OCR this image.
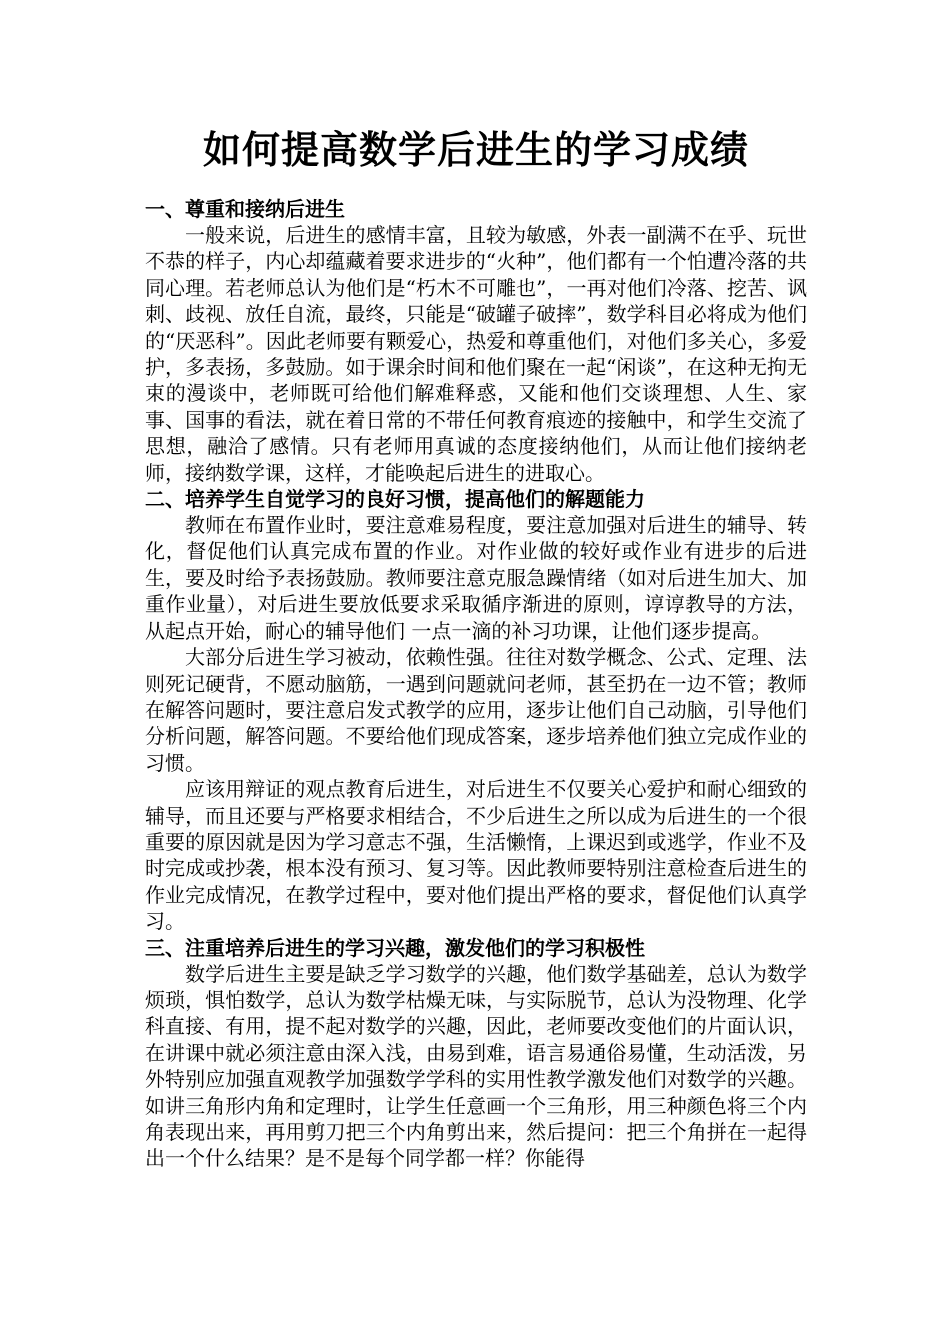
如何提高数学后进生的学习成绩
一、尊重和接纳后进生

一般来说，后进生的感情丰富，且较为敏感，外表一副满不在乎、玩世不恭的样子，内心却蕴藏着要求进步的“火种”，他们都有一个怕遭冷落的共同心理。若老师总认为他们是“朽木不可雕也”，一再对他们冷落、挖苦、讽刺、歧视、放任自流，最终，只能是“破罐子破摔”，数学科目必将成为他们的“厌恶科”。因此老师要有颗爱心，热爱和尊重他们，对他们多关心，多爱护，多表扬，多鼓励。如于课余时间和他们聚在一起“闲谈”，在这种无拘无束的漫谈中，老师既可给他们解难释惑，又能和他们交谈理想、人生、家事、国事的看法，就在着日常的不带任何教育痕迹的接触中，和学生交流了思想，融洽了感情。只有老师用真诚的态度接纳他们，从而让他们接纳老师，接纳数学课，这样，才能唤起后进生的进取心。

二、培养学生自觉学习的良好习惯，提高他们的解题能力

教师在布置作业时，要注意难易程度，要注意加强对后进生的辅导、转化，督促他们认真完成布置的作业。对作业做的较好或作业有进步的后进生，要及时给予表扬鼓励。教师要注意克服急躁情绪（如对后进生加大、加重作业量），对后进生要放低要求采取循序渐进的原则，谆谆教导的方法，从起点开始，耐心的辅导他们 一点一滴的补习功课，让他们逐步提高。

大部分后进生学习被动，依赖性强。往往对数学概念、公式、定理、法则死记硬背，不愿动脑筋，一遇到问题就问老师，甚至扔在一边不管；教师在解答问题时，要注意启发式教学的应用，逐步让他们自己动脑，引导他们分析问题，解答问题。不要给他们现成答案，逐步培养他们独立完成作业的习惯。

应该用辩证的观点教育后进生，对后进生不仅要关心爱护和耐心细致的辅导，而且还要与严格要求相结合，不少后进生之所以成为后进生的一个很重要的原因就是因为学习意志不强，生活懒惰，上课迟到或逃学，作业不及时完成或抄袭，根本没有预习、复习等。因此教师要特别注意检查后进生的作业完成情况，在教学过程中，要对他们提出严格的要求，督促他们认真学习。

三、注重培养后进生的学习兴趣，激发他们的学习积极性

数学后进生主要是缺乏学习数学的兴趣，他们数学基础差，总认为数学烦琐，惧怕数学，总认为数学枯燥无味，与实际脱节，总认为没物理、化学科直接、有用，提不起对数学的兴趣，因此，老师要改变他们的片面认识，在讲课中就必须注意由深入浅，由易到难，语言易通俗易懂，生动活泼，另外特别应加强直观教学加强数学学科的实用性教学激发他们对数学的兴趣。如讲三角形内角和定理时，让学生任意画一个三角形，用三种颜色将三个内角表现出来，再用剪刀把三个内角剪出来，然后提问：把三个角拼在一起得出一个什么结果？是不是每个同学都一样？你能得
